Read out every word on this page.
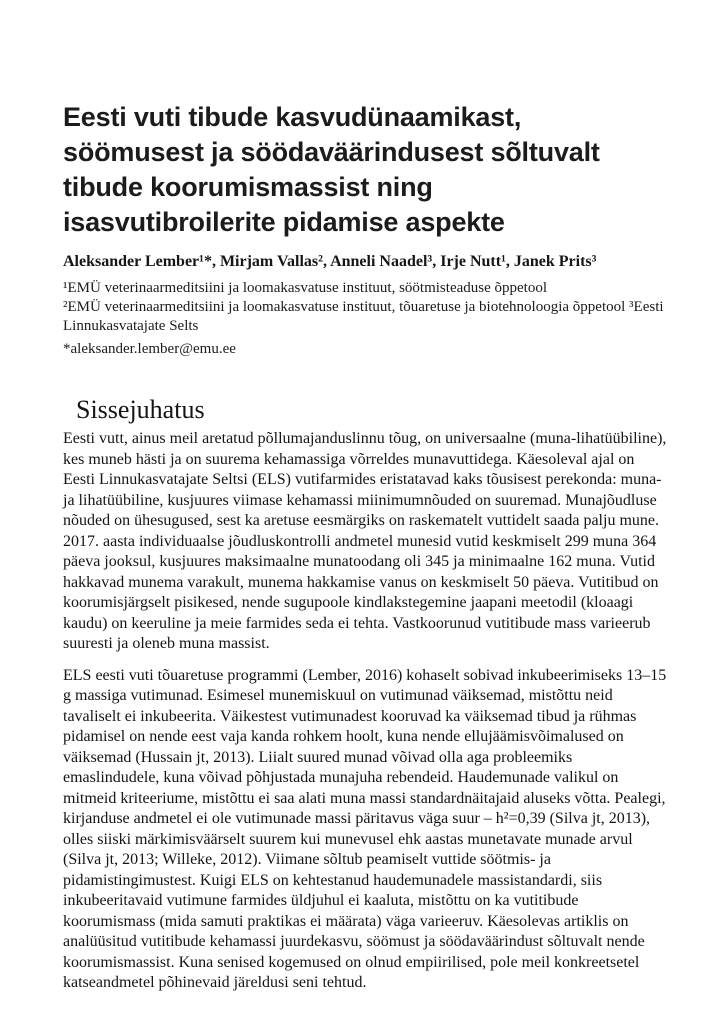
Eesti vuti tibude kasvudünaamikast,
söömusest ja söödaväärindusest sõltuvalt
tibude koorumismassist ning
isasvutibroilerite pidamise aspekte

Aleksander Lember¹*, Mirjam Vallas², Anneli Naadel³, Irje Nutt¹, Janek Prits³

¹EMÜ veterinaarmeditsiini ja loomakasvatuse instituut, söötmisteaduse õppetool

²EMÜ veterinaarmeditsiini ja loomakasvatuse instituut, tõuaretuse ja biotehnoloogia õppetool ³Eesti Linnukasvatajate Selts

*aleksander.lember@emu.ee

Sissejuhatus

Eesti vutt, ainus meil aretatud põllumajanduslinnu tõug, on universaalne (muna-lihatüübiline), kes muneb hästi ja on suurema kehamassiga võrreldes munavuttidega. Käesoleval ajal on Eesti Linnukasvatajate Seltsi (ELS) vutifarmides eristatavad kaks tõusisest perekonda: muna- ja lihatüübiline, kusjuures viimase kehamassi miinimumnõuded on suuremad. Munajõudluse nõuded on ühesugused, sest ka aretuse eesmärgiks on raskematelt vuttidelt saada palju mune. 2017. aasta individuaalse jõudluskontrolli andmetel munesid vutid keskmiselt 299 muna 364 päeva jooksul, kusjuures maksimaalne munatoodang oli 345 ja minimaalne 162 muna. Vutid hakkavad munema varakult, munema hakkamise vanus on keskmiselt 50 päeva. Vutitibud on koorumisjärgselt pisikesed, nende sugupoole kindlakstegemine jaapani meetodil (kloaagi kaudu) on keeruline ja meie farmides seda ei tehta. Vastkoorunud vutitibude mass varieerub suuresti ja oleneb muna massist.

ELS eesti vuti tõuaretuse programmi (Lember, 2016) kohaselt sobivad inkubeerimiseks 13–15 g massiga vutimunad. Esimesel munemiskuul on vutimunad väiksemad, mistõttu neid tavaliselt ei inkubeerita. Väikestest vutimunadest kooruvad ka väiksemad tibud ja rühmas pidamisel on nende eest vaja kanda rohkem hoolt, kuna nende ellujäämisvõimalused on väiksemad (Hussain jt, 2013). Liialt suured munad võivad olla aga probleemiks emaslindudele, kuna võivad põhjustada munajuha rebendeid. Haudemunade valikul on mitmeid kriteeriume, mistõttu ei saa alati muna massi standardnäitajaid aluseks võtta. Pealegi, kirjanduse andmetel ei ole vutimunade massi päritavus väga suur – h²=0,39 (Silva jt, 2013), olles siiski märkimisväärselt suurem kui munevusel ehk aastas munetavate munade arvul (Silva jt, 2013; Willeke, 2012). Viimane sõltub peamiselt vuttide söötmis- ja pidamistingimustest. Kuigi ELS on kehtestanud haudemunadele massistandardi, siis inkubeeritavaid vutimune farmides üldjuhul ei kaaluta, mistõttu on ka vutitibude koorumismass (mida samuti praktikas ei määrata) väga varieeruv. Käesolevas artiklis on analüüsitud vutitibude kehamassi juurdekasvu, söömust ja söödaväärindust sõltuvalt nende koorumismassist. Kuna senised kogemused on olnud empiirilised, pole meil konkreetsetel katseandmetel põhinevaid järeldusi seni tehtud.
